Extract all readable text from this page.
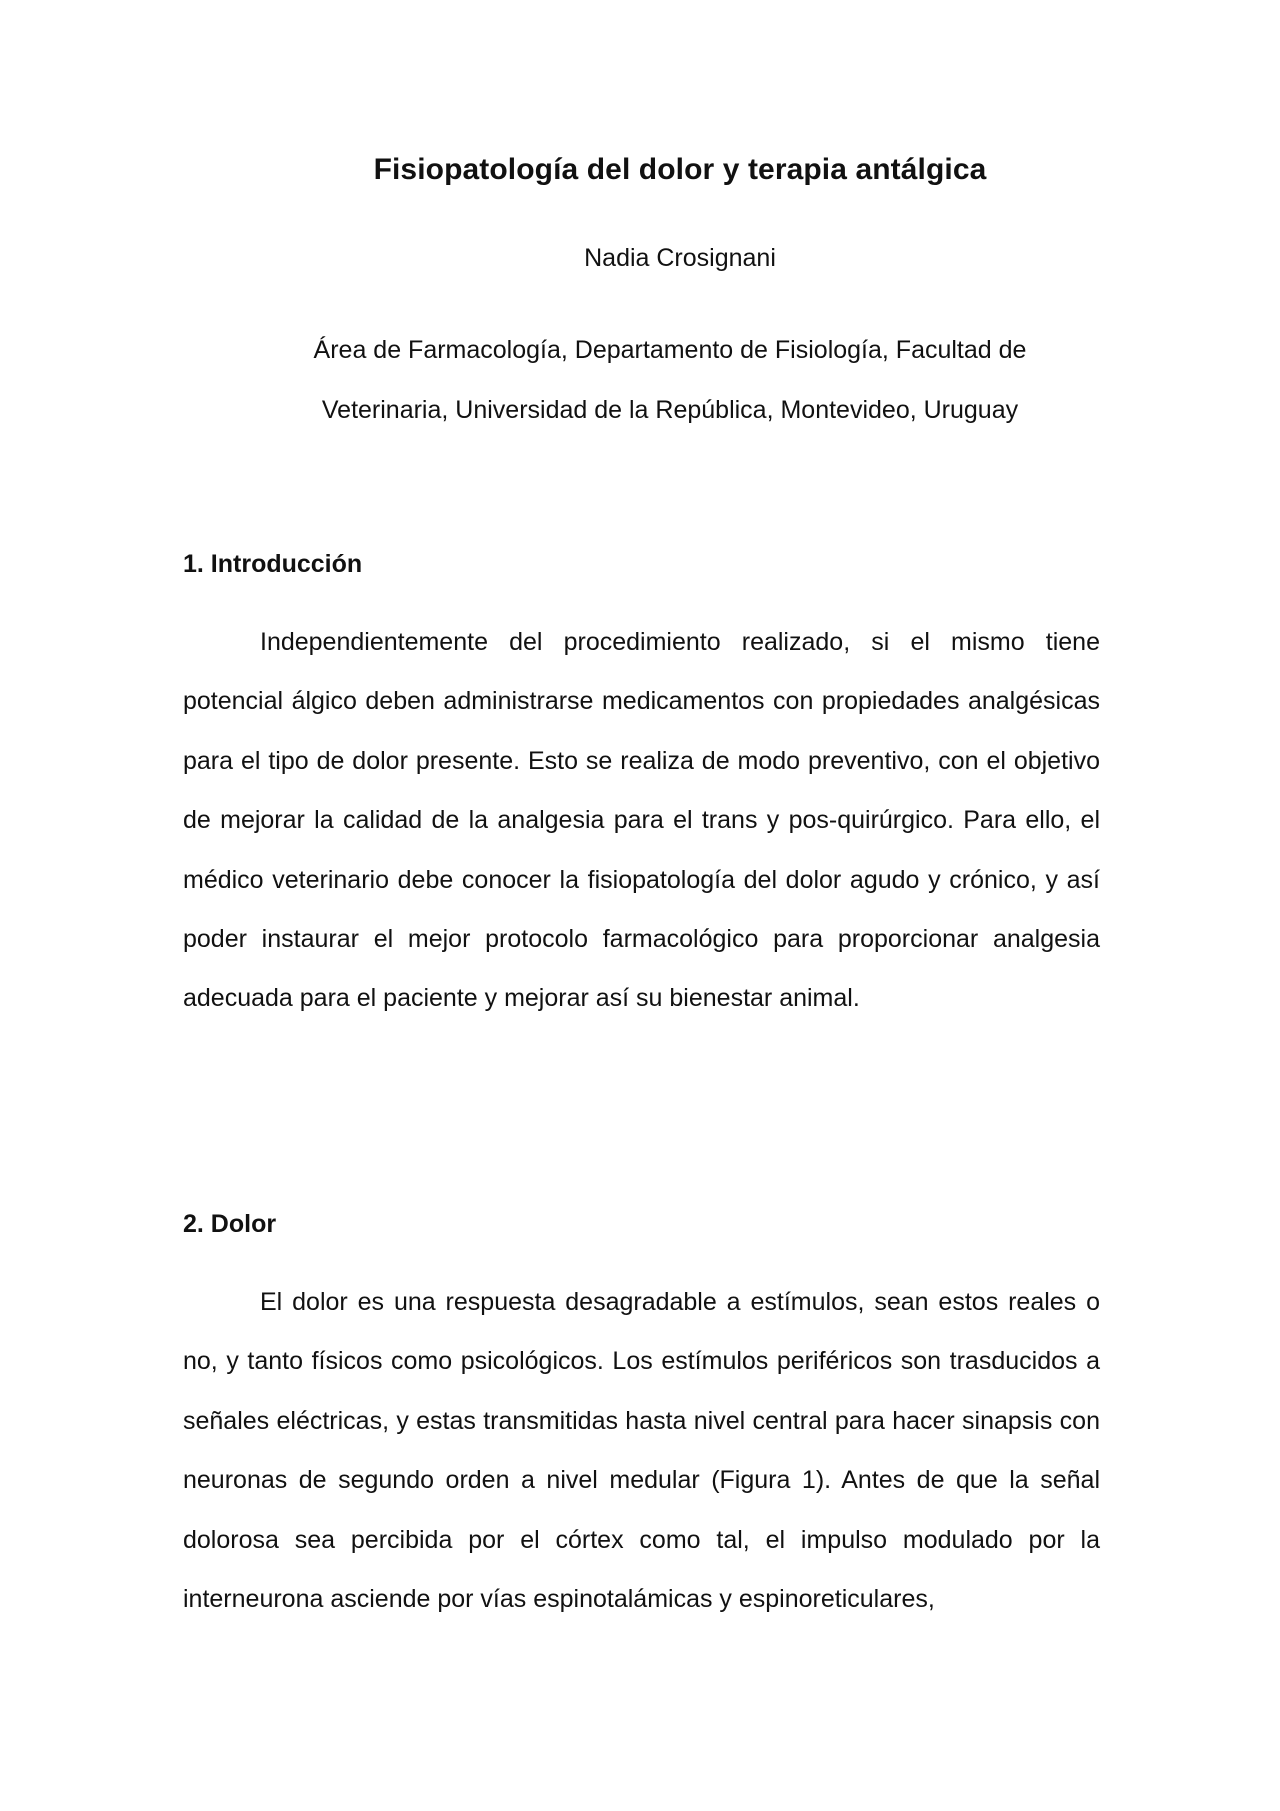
Fisiopatología del dolor y terapia antálgica
Nadia Crosignani
Área de Farmacología, Departamento de Fisiología, Facultad de Veterinaria, Universidad de la República, Montevideo, Uruguay
1. Introducción

Independientemente del procedimiento realizado, si el mismo tiene potencial álgico deben administrarse medicamentos con propiedades analgésicas para el tipo de dolor presente. Esto se realiza de modo preventivo, con el objetivo de mejorar la calidad de la analgesia para el trans y pos-quirúrgico. Para ello, el médico veterinario debe conocer la fisiopatología del dolor agudo y crónico, y así poder instaurar el mejor protocolo farmacológico para proporcionar analgesia adecuada para el paciente y mejorar así su bienestar animal.

2. Dolor

El dolor es una respuesta desagradable a estímulos, sean estos reales o no, y tanto físicos como psicológicos. Los estímulos periféricos son trasducidos a señales eléctricas, y estas transmitidas hasta nivel central para hacer sinapsis con neuronas de segundo orden a nivel medular (Figura 1). Antes de que la señal dolorosa sea percibida por el córtex como tal, el impulso modulado por la interneurona asciende por vías espinotalámicas y espinoreticulares,
